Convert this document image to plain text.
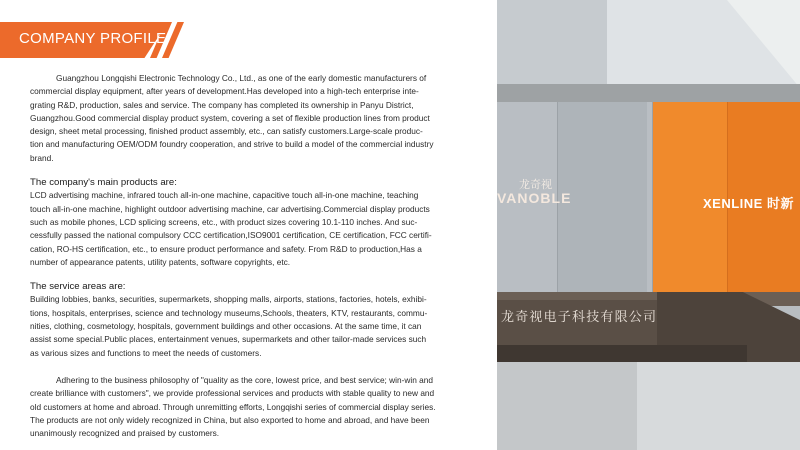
COMPANY PROFILE

Guangzhou Longqishi Electronic Technology Co., Ltd., as one of the early domestic manufacturers of

commercial display equipment, after years of development.Has developed into a high-tech enterprise inte-

grating R&D, production, sales and service. The company has completed its ownership in Panyu District,

Guangzhou.Good commercial display product system, covering a set of flexible production lines from product

design, sheet metal processing, finished product assembly, etc., can satisfy customers.Large-scale produc-

tion and manufacturing OEM/ODM foundry cooperation, and strive to build a model of the commercial industry

brand.

The company's main products are:

LCD advertising machine, infrared touch all-in-one machine, capacitive touch all-in-one machine, teaching

touch all-in-one machine, highlight outdoor advertising machine, car advertising.Commercial display products

such as mobile phones, LCD splicing screens, etc., with product sizes covering 10.1-110 inches. And suc-

cessfully passed the national compulsory CCC certification,ISO9001 certification, CE certification, FCC certifi-

cation, RO-HS certification, etc., to ensure product performance and safety. From R&D to production,Has a

number of appearance patents, utility patents, software copyrights, etc.

The service areas are:

Building lobbies, banks, securities, supermarkets, shopping malls, airports, stations, factories, hotels, exhibi-

tions, hospitals, enterprises, science and technology museums,Schools, theaters, KTV, restaurants, commu-

nities, clothing, cosmetology, hospitals, government buildings and other occasions. At the same time, it can

assist some special.Public places, entertainment venues, supermarkets and other tailor-made services such

as various sizes and functions to meet the needs of customers.

Adhering to the business philosophy of "quality as the core, lowest price, and best service; win-win and

create brilliance with customers", we provide professional services and products with stable quality to new and

old customers at home and abroad. Through unremitting efforts, Longqishi series of commercial display series.

The products are not only widely recognized in China, but also exported to home and abroad, and have been

unanimously recognized and praised by customers.

龙奇视
VANOBLE	XENLINE 时新
龙奇视电子科技有限公司
